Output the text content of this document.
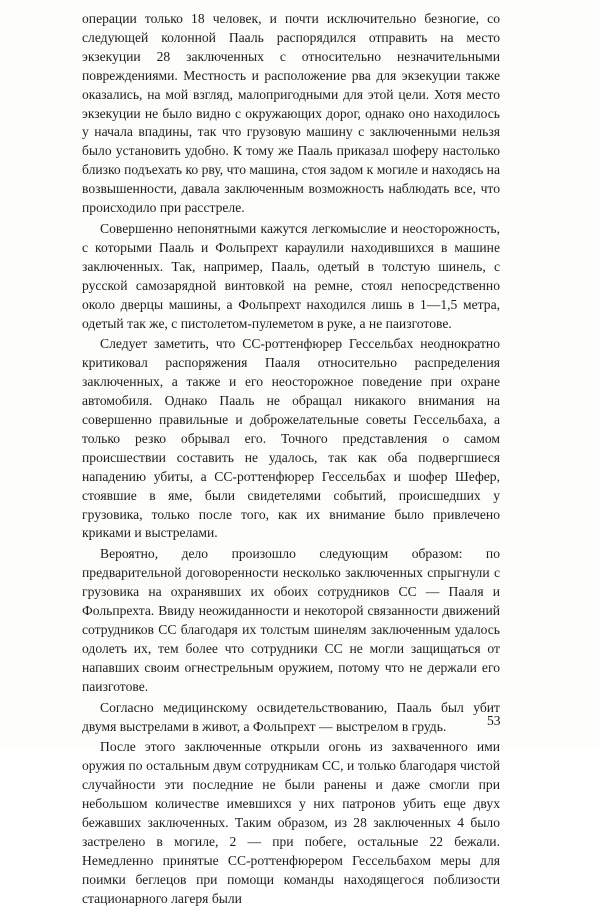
операции только 18 человек, и почти исключительно безногие, со следующей колонной Пааль распорядился отправить на место экзекуции 28 заключенных с относительно незначительными повреждениями. Местность и расположение рва для экзекуции также оказались, на мой взгляд, малопригодными для этой цели. Хотя место экзекуции не было видно с окружающих дорог, однако оно находилось у начала впадины, так что грузовую машину с заключенными нельзя было установить удобно. К тому же Пааль приказал шоферу настолько близко подъехать ко рву, что машина, стоя задом к могиле и находясь на возвышенности, давала заключенным возможность наблюдать все, что происходило при расстреле.

Совершенно непонятными кажутся легкомыслие и неосторожность, с которыми Пааль и Фольпрехт караулили находившихся в машине заключенных. Так, например, Пааль, одетый в толстую шинель, с русской самозарядной винтовкой на ремне, стоял непосредственно около дверцы машины, а Фольпрехт находился лишь в 1—1,5 метра, одетый так же, с пистолетом-пулеметом в руке, а не паизготове.

Следует заметить, что СС-роттенфюрер Гессельбах неоднократно критиковал распоряжения Пааля относительно распределения заключенных, а также и его неосторожное поведение при охране автомобиля. Однако Пааль не обращал никакого внимания на совершенно правильные и доброжелательные советы Гессельбаха, а только резко обрывал его. Точного представления о самом происшествии составить не удалось, так как оба подвергшиеся нападению убиты, а СС-роттенфюрер Гессельбах и шофер Шефер, стоявшие в яме, были свидетелями событий, происшедших у грузовика, только после того, как их внимание было привлечено криками и выстрелами.

Вероятно, дело произошло следующим образом: по предварительной договоренности несколько заключенных спрыгнули с грузовика на охранявших их обоих сотрудников СС — Пааля и Фольпрехта. Ввиду неожиданности и некоторой связанности движений сотрудников СС благодаря их толстым шинелям заключенным удалось одолеть их, тем более что сотрудники СС не могли защищаться от напавших своим огнестрельным оружием, потому что не держали его паизготове.

Согласно медицинскому освидетельствованию, Пааль был убит двумя выстрелами в живот, а Фольпрехт — выстрелом в грудь.

После этого заключенные открыли огонь из захваченного ими оружия по остальным двум сотрудникам СС, и только благодаря чистой случайности эти последние не были ранены и даже смогли при небольшом количестве имевшихся у них патронов убить еще двух бежавших заключенных. Таким образом, из 28 заключенных 4 было застрелено в могиле, 2 — при побеге, остальные 22 бежали. Немедленно принятые СС-роттенфюрером Гессельбахом меры для поимки беглецов при помощи команды находящегося поблизости стационарного лагеря были

53
